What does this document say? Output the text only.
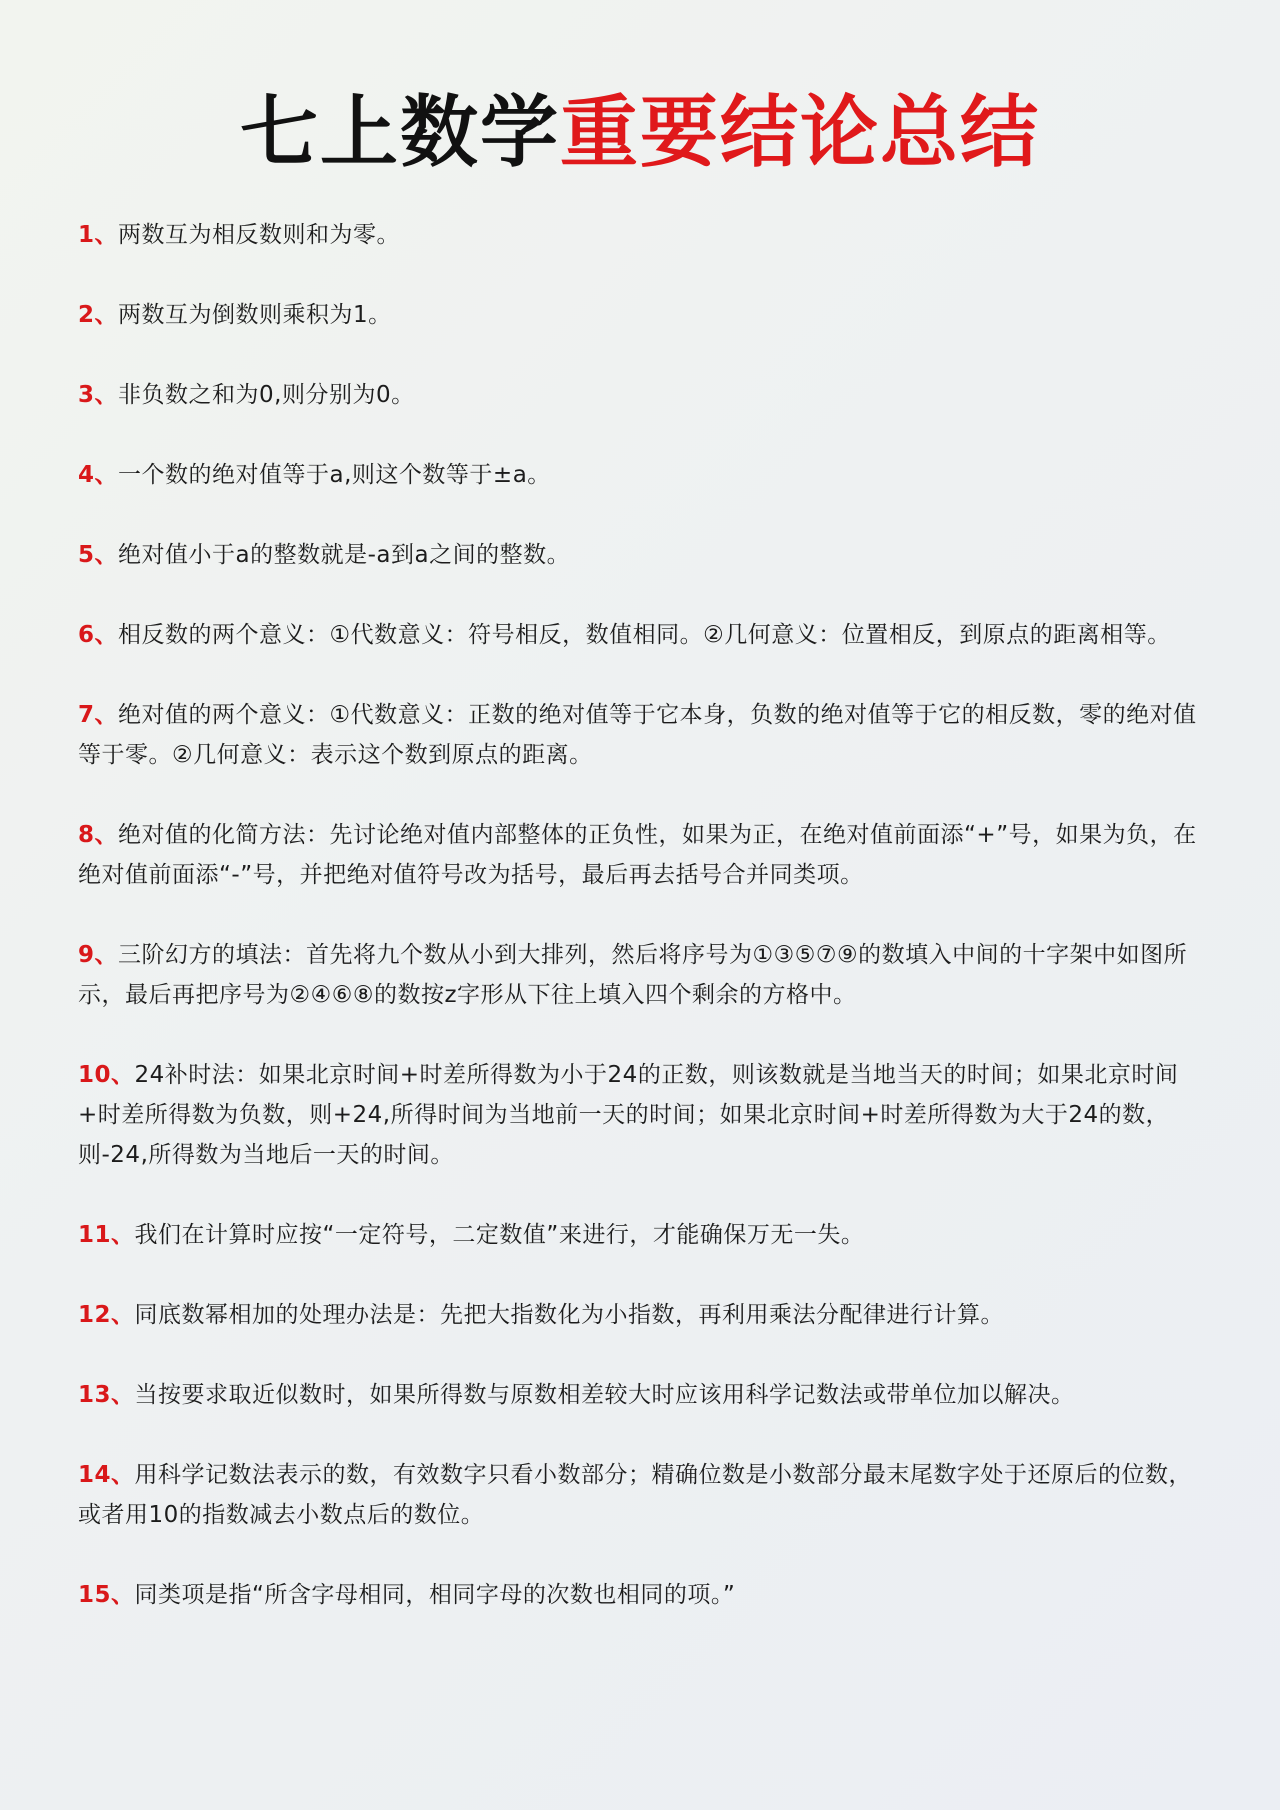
七上数学重要结论总结
1、两数互为相反数则和为零。
2、两数互为倒数则乘积为1。
3、非负数之和为0,则分别为0。
4、一个数的绝对值等于a,则这个数等于±a。
5、绝对值小于a的整数就是-a到a之间的整数。
6、相反数的两个意义：①代数意义：符号相反，数值相同。②几何意义：位置相反，到原点的距离相等。
7、绝对值的两个意义：①代数意义：正数的绝对值等于它本身，负数的绝对值等于它的相反数，零的绝对值等于零。②几何意义：表示这个数到原点的距离。
8、绝对值的化简方法：先讨论绝对值内部整体的正负性，如果为正，在绝对值前面添“+”号，如果为负，在绝对值前面添“-”号，并把绝对值符号改为括号，最后再去括号合并同类项。
9、三阶幻方的填法：首先将九个数从小到大排列，然后将序号为①③⑤⑦⑨的数填入中间的十字架中如图所示，最后再把序号为②④⑥⑧的数按z字形从下往上填入四个剩余的方格中。
10、24补时法：如果北京时间+时差所得数为小于24的正数，则该数就是当地当天的时间；如果北京时间+时差所得数为负数，则+24,所得时间为当地前一天的时间；如果北京时间+时差所得数为大于24的数，则-24,所得数为当地后一天的时间。
11、我们在计算时应按“一定符号，二定数值”来进行，才能确保万无一失。
12、同底数幂相加的处理办法是：先把大指数化为小指数，再利用乘法分配律进行计算。
13、当按要求取近似数时，如果所得数与原数相差较大时应该用科学记数法或带单位加以解决。
14、用科学记数法表示的数，有效数字只看小数部分；精确位数是小数部分最末尾数字处于还原后的位数，或者用10的指数减去小数点后的数位。
15、同类项是指“所含字母相同，相同字母的次数也相同的项。”
